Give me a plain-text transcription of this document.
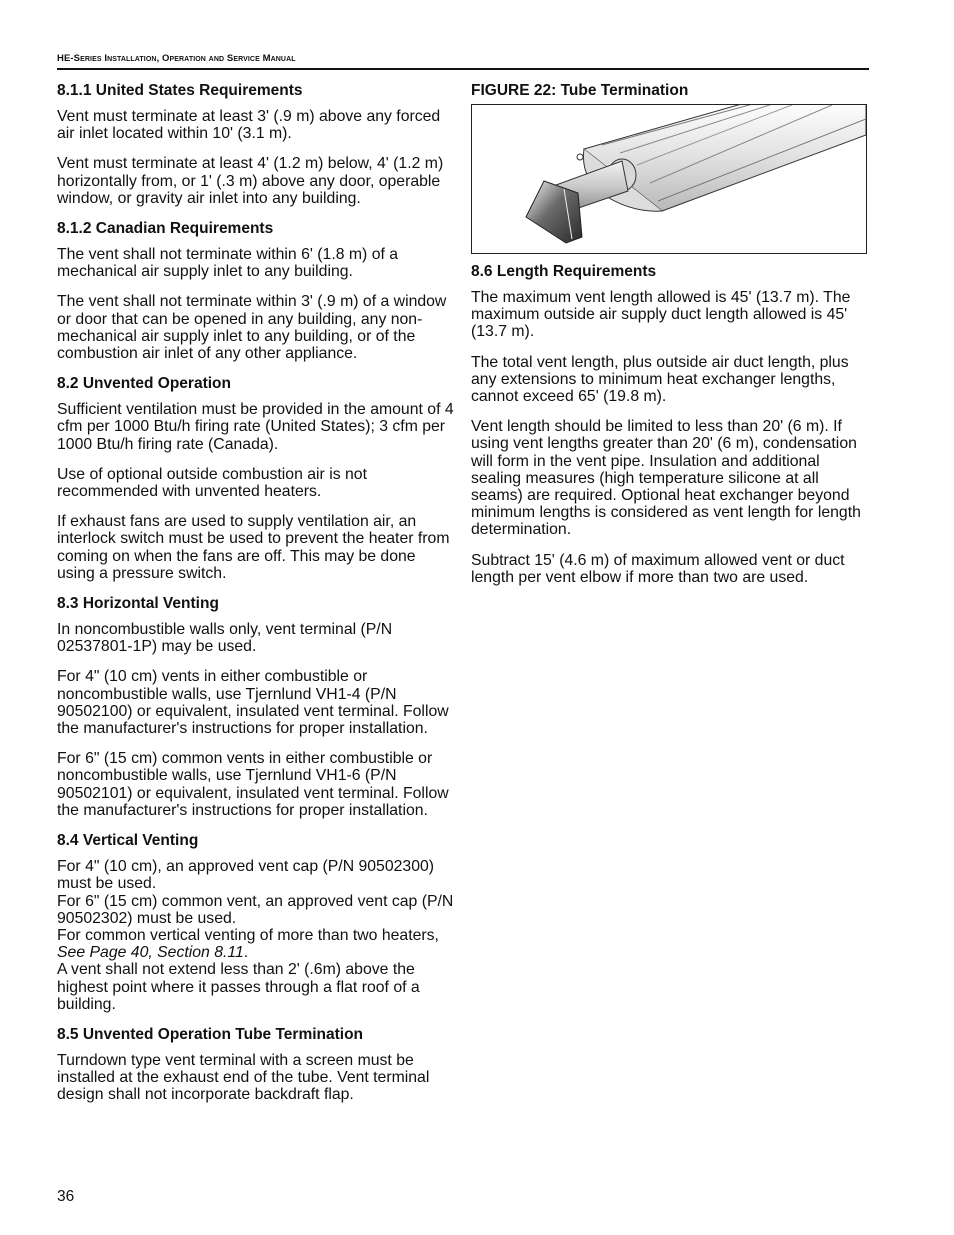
HE-Series Installation, Operation and Service Manual
8.1.1 United States Requirements

Vent must terminate at least 3' (.9 m) above any forced air inlet located within 10' (3.1 m).

Vent must terminate at least 4' (1.2 m) below, 4' (1.2 m) horizontally from, or 1' (.3 m) above any door, operable window, or gravity air inlet into any building.

8.1.2 Canadian Requirements

The vent shall not terminate within 6' (1.8 m) of a mechanical air supply inlet to any building.

The vent shall not terminate within 3' (.9 m) of a window or door that can be opened in any building, any non-mechanical air supply inlet to any building, or of the combustion air inlet of any other appliance.

8.2 Unvented Operation

Sufficient ventilation must be provided in the amount of 4 cfm per 1000 Btu/h firing rate (United States); 3 cfm per 1000 Btu/h firing rate (Canada).

Use of optional outside combustion air is not recommended with unvented heaters.

If exhaust fans are used to supply ventilation air, an interlock switch must be used to prevent the heater from coming on when the fans are off. This may be done using a pressure switch.

8.3 Horizontal Venting

In noncombustible walls only, vent terminal (P/N 02537801-1P) may be used.

For 4" (10 cm) vents in either combustible or noncombustible walls, use Tjernlund VH1-4 (P/N 90502100) or equivalent, insulated vent terminal. Follow the manufacturer's instructions for proper installation.

For 6" (15 cm) common vents in either combustible or noncombustible walls, use Tjernlund VH1-6 (P/N 90502101) or equivalent, insulated vent terminal. Follow the manufacturer's instructions for proper installation.

8.4 Vertical Venting

For 4" (10 cm), an approved vent cap (P/N 90502300) must be used.
For 6" (15 cm) common vent, an approved vent cap (P/N 90502302) must be used.
For common vertical venting of more than two heaters, See Page 40, Section 8.11.
A vent shall not extend less than 2' (.6m) above the highest point where it passes through a flat roof of a building.

8.5 Unvented Operation Tube Termination

Turndown type vent terminal with a screen must be installed at the exhaust end of the tube. Vent terminal design shall not incorporate backdraft flap.

FIGURE 22: Tube Termination
8.6 Length Requirements

The maximum vent length allowed is 45' (13.7 m). The maximum outside air supply duct length allowed is 45' (13.7 m).

The total vent length, plus outside air duct length, plus any extensions to minimum heat exchanger lengths, cannot exceed 65' (19.8 m).

Vent length should be limited to less than 20' (6 m). If using vent lengths greater than 20' (6 m), condensation will form in the vent pipe. Insulation and additional sealing measures (high temperature silicone at all seams) are required. Optional heat exchanger beyond minimum lengths is considered as vent length for length determination.

Subtract 15' (4.6 m) of maximum allowed vent or duct length per vent elbow if more than two are used.

36
